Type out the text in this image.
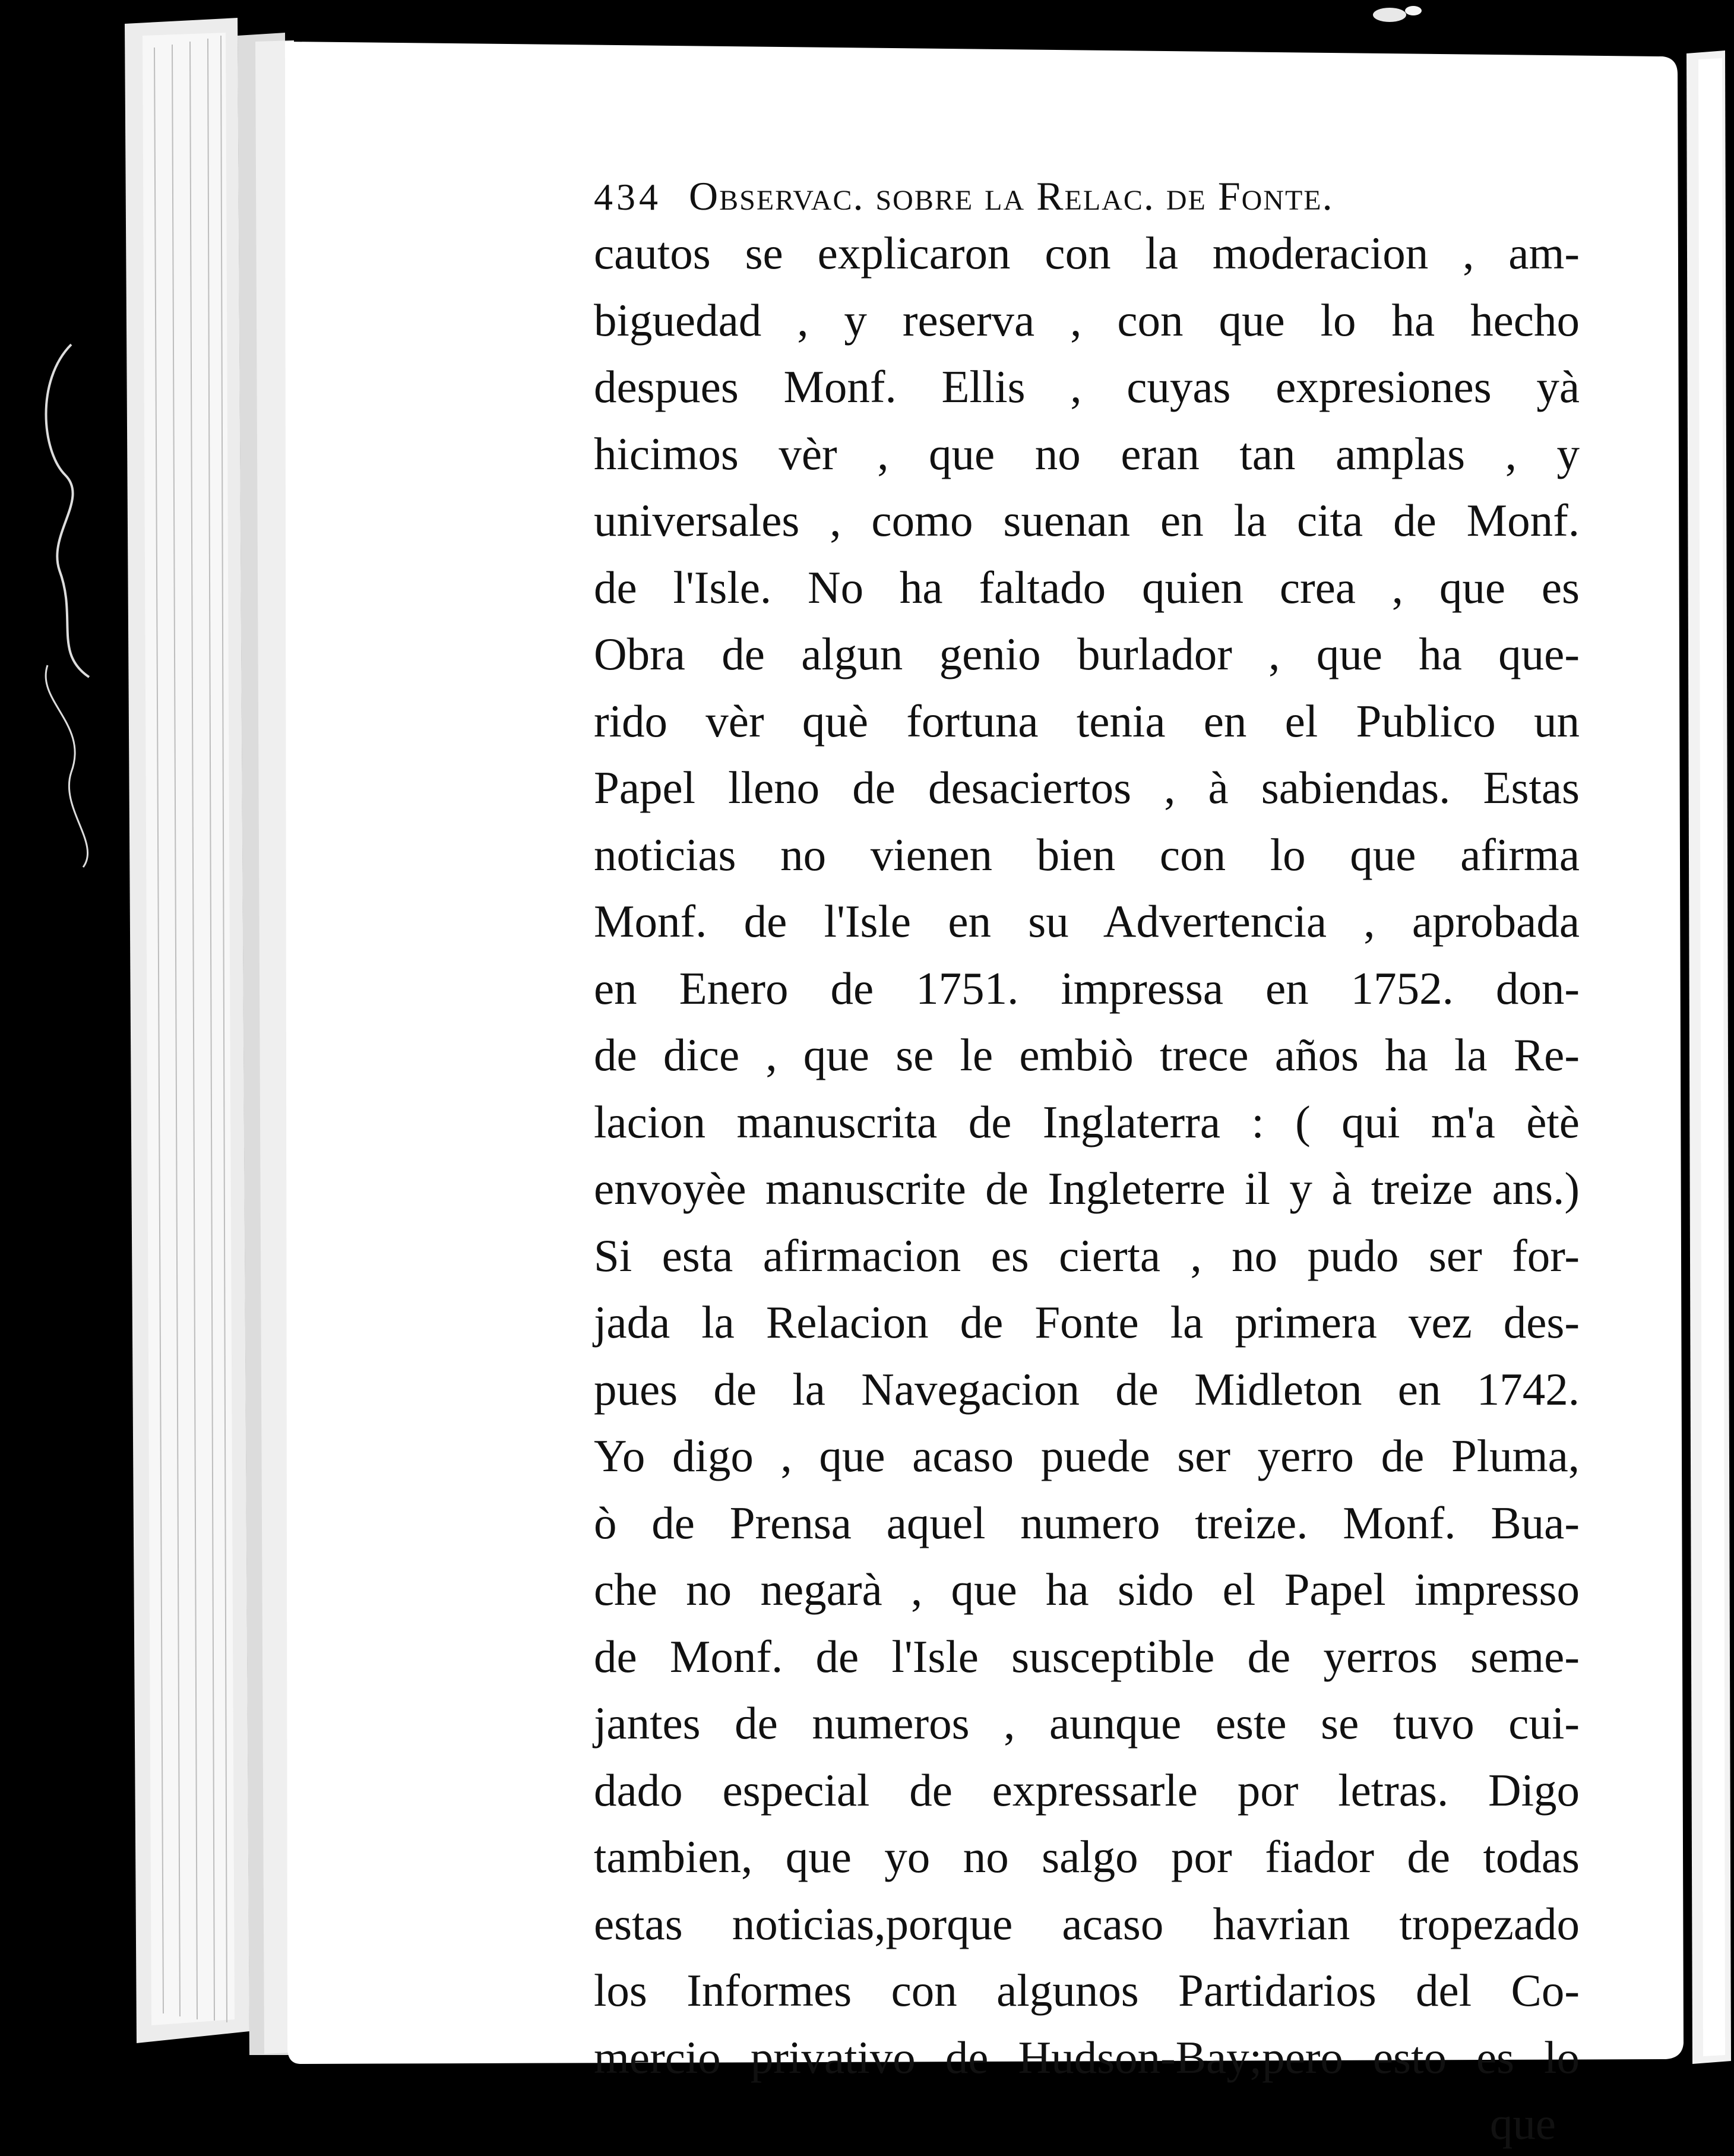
434 Observac. sobre la Relac. de Fonte.
cautos se explicaron con la moderacion , am-
biguedad , y reserva , con que lo ha hecho
despues Monf. Ellis , cuyas expresiones yà
hicimos vèr , que no eran tan amplas , y
universales , como suenan en la cita de Monf.
de l'Isle. No ha faltado quien crea , que es
Obra de algun genio burlador , que ha que-
rido vèr què fortuna tenia en el Publico un
Papel lleno de desaciertos , à sabiendas. Estas
noticias no vienen bien con lo que afirma
Monf. de l'Isle en su Advertencia , aprobada
en Enero de 1751. impressa en 1752. don-
de dice , que se le embiò trece años ha la Re-
lacion manuscrita de Inglaterra : ( qui m'a ètè
envoyèe manuscrite de Ingleterre il y à treize ans.)
Si esta afirmacion es cierta , no pudo ser for-
jada la Relacion de Fonte la primera vez des-
pues de la Navegacion de Midleton en 1742.
Yo digo , que acaso puede ser yerro de Pluma,
ò de Prensa aquel numero treize. Monf. Bua-
che no negarà , que ha sido el Papel impresso
de Monf. de l'Isle susceptible de yerros seme-
jantes de numeros , aunque este se tuvo cui-
dado especial de expressarle por letras. Digo
tambien, que yo no salgo por fiador de todas
estas noticias,porque acaso havrian tropezado
los Informes con algunos Partidarios del Co-
mercio privativo de Hudson-Bay;pero esto es lo
que
